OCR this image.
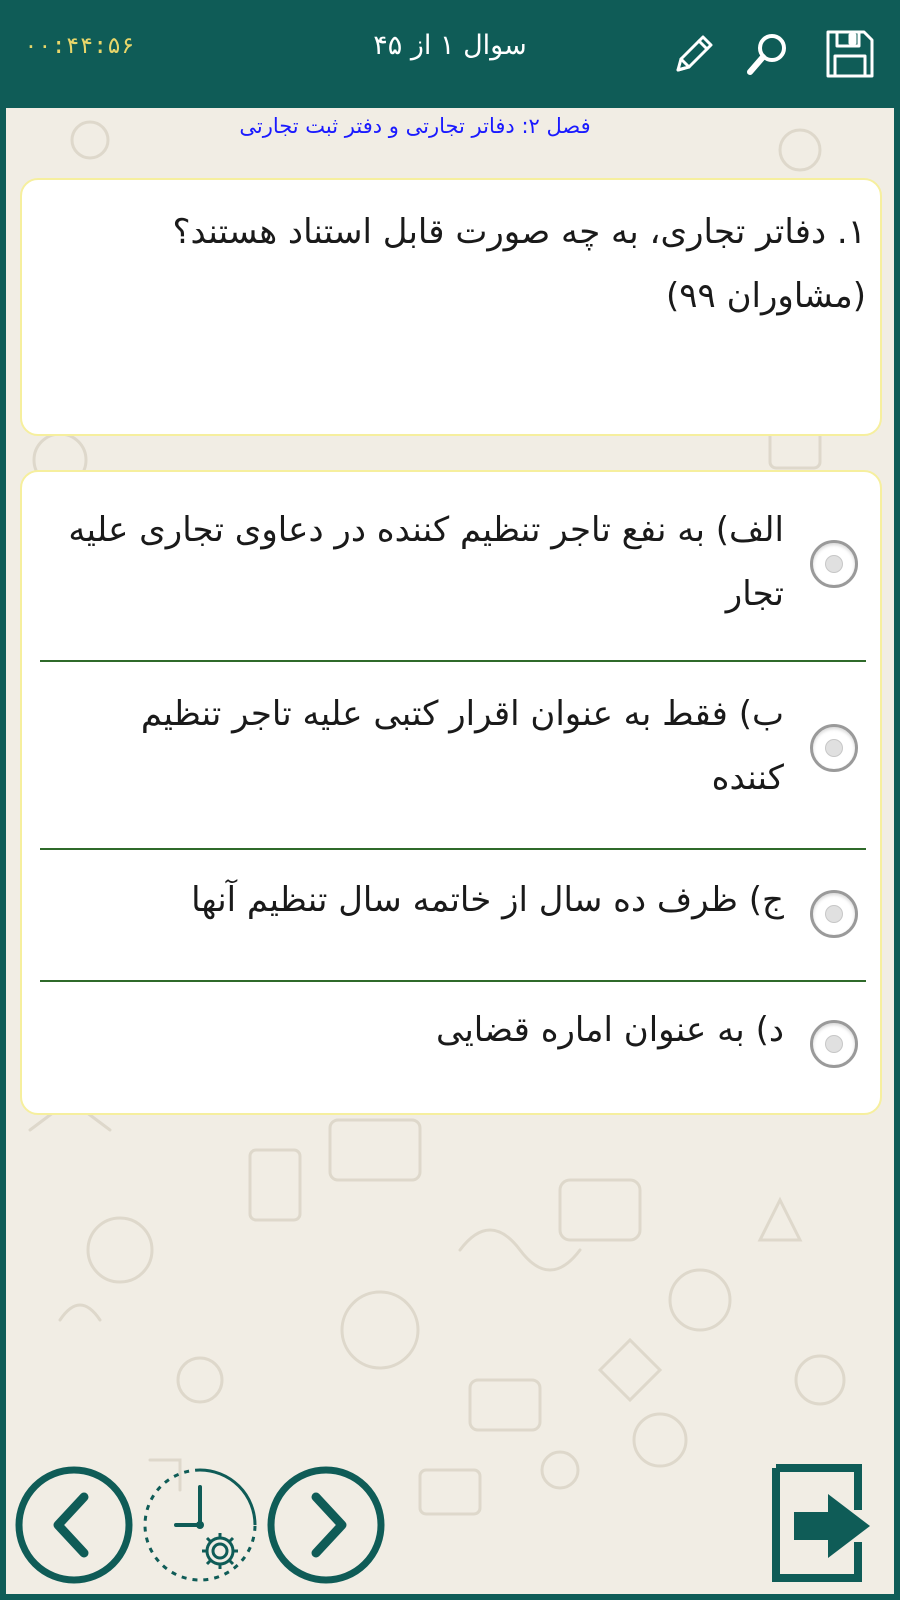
۰۰:۴۴:۵۶	سوال ۱ از ۴۵
فصل ۲: دفاتر تجارتی و دفتر ثبت تجارتی
۱. دفاتر تجاری، به چه صورت قابل استناد هستند؟ (مشاوران ۹۹)
الف) به نفع تاجر تنظیم کننده در دعاوی تجاری علیه تجار
ب) فقط به عنوان اقرار کتبی علیه تاجر تنظیم کننده
ج) ظرف ده سال از خاتمه سال تنظیم آنها
د) به عنوان اماره قضایی
